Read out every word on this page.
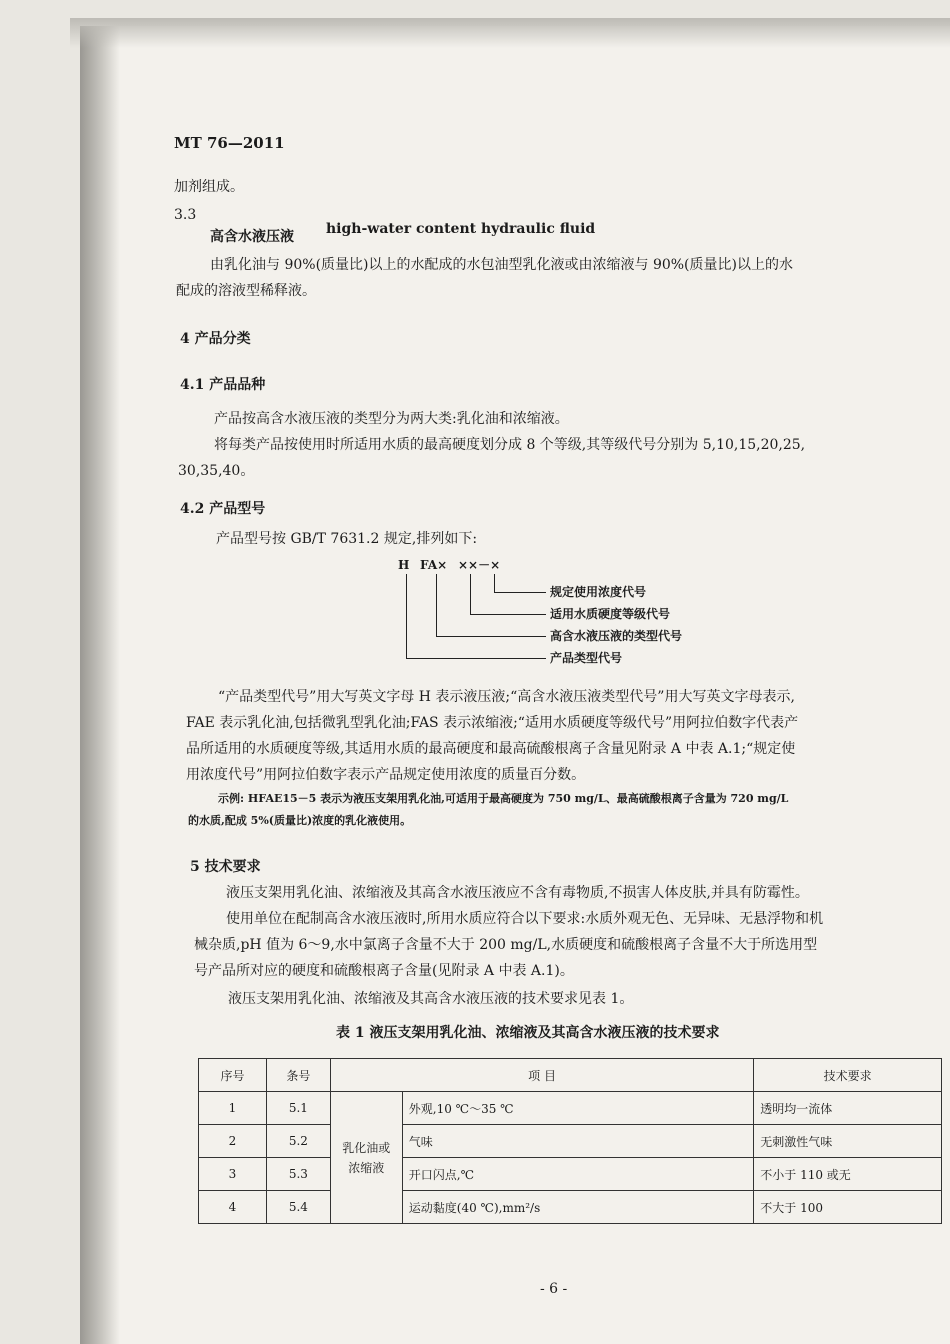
MT 76—2011
加剂组成。
3.3
高含水液压液 high-water content hydraulic fluid
由乳化油与 90%(质量比)以上的水配成的水包油型乳化液或由浓缩液与 90%(质量比)以上的水
配成的溶液型稀释液。
4 产品分类
4.1 产品品种
产品按高含水液压液的类型分为两大类:乳化油和浓缩液。
将每类产品按使用时所适用水质的最高硬度划分成 8 个等级,其等级代号分别为 5,10,15,20,25,
30,35,40。
4.2 产品型号
产品型号按 GB/T 7631.2 规定,排列如下:
H FA× ××－×
规定使用浓度代号
适用水质硬度等级代号
高含水液压液的类型代号
产品类型代号
“产品类型代号”用大写英文字母 H 表示液压液;“高含水液压液类型代号”用大写英文字母表示,
FAE 表示乳化油,包括微乳型乳化油;FAS 表示浓缩液;“适用水质硬度等级代号”用阿拉伯数字代表产
品所适用的水质硬度等级,其适用水质的最高硬度和最高硫酸根离子含量见附录 A 中表 A.1;“规定使
用浓度代号”用阿拉伯数字表示产品规定使用浓度的质量百分数。
示例: HFAE15－5 表示为液压支架用乳化油,可适用于最高硬度为 750 mg/L、最高硫酸根离子含量为 720 mg/L
的水质,配成 5%(质量比)浓度的乳化液使用。
5 技术要求
液压支架用乳化油、浓缩液及其高含水液压液应不含有毒物质,不损害人体皮肤,并具有防霉性。
使用单位在配制高含水液压液时,所用水质应符合以下要求:水质外观无色、无异味、无悬浮物和机
械杂质,pH 值为 6～9,水中氯离子含量不大于 200 mg/L,水质硬度和硫酸根离子含量不大于所选用型
号产品所对应的硬度和硫酸根离子含量(见附录 A 中表 A.1)。
液压支架用乳化油、浓缩液及其高含水液压液的技术要求见表 1。
表 1 液压支架用乳化油、浓缩液及其高含水液压液的技术要求
序号	条号	项 目		技术要求
1	5.1	乳化油或
浓缩液	外观,10 ℃～35 ℃	透明均一流体
2	5.2		气味	无刺激性气味
3	5.3		开口闪点,℃	不小于 110 或无
4	5.4		运动黏度(40 ℃),mm²/s	不大于 100
- 6 -
